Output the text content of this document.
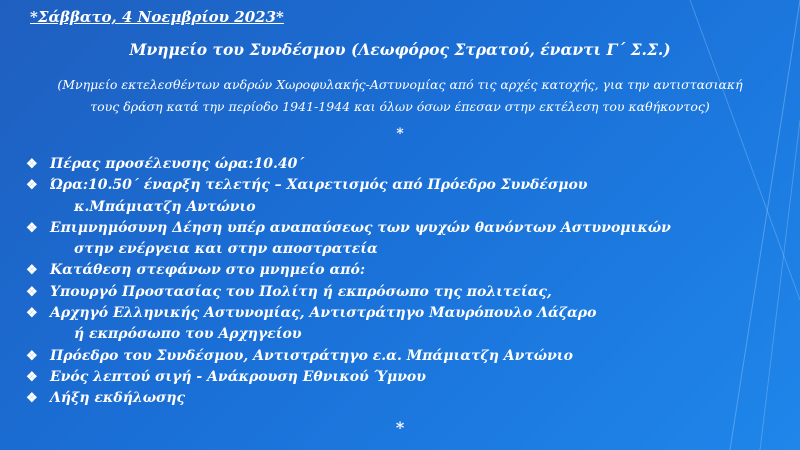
*Σάββατο, 4 Νοεμβρίου 2023*
Μνημείο του Συνδέσμου (Λεωφόρος Στρατού, έναντι Γ΄ Σ.Σ.)
(Μνημείο εκτελεσθέντων ανδρών Χωροφυλακής-Αστυνομίας από τις αρχές κατοχής, για την αντιστασιακή
τους δράση κατά την περίοδο 1941-1944 και όλων όσων έπεσαν στην εκτέλεση του καθήκοντος)
*
❖ Πέρας προσέλευσης ώρα:10.40΄
❖ Ώρα:10.50΄ έναρξη τελετής – Χαιρετισμός από Πρόεδρο Συνδέσμου
κ.Μπάμιατζη Αντώνιο
❖ Επιμνημόσυνη Δέηση υπέρ αναπαύσεως των ψυχών θανόντων Αστυνομικών
στην ενέργεια και στην αποστρατεία
❖ Κατάθεση στεφάνων στο μνημείο από:
❖ Υπουργό Προστασίας του Πολίτη ή εκπρόσωπο της πολιτείας,
❖ Αρχηγό Ελληνικής Αστυνομίας, Αντιστράτηγο Μαυρόπουλο Λάζαρο
ή εκπρόσωπο του Αρχηγείου
❖ Πρόεδρο του Συνδέσμου, Αντιστράτηγο ε.α. Μπάμιατζη Αντώνιο
❖ Ενός λεπτού σιγή - Ανάκρουση Εθνικού Ύμνου
❖ Λήξη εκδήλωσης
*
